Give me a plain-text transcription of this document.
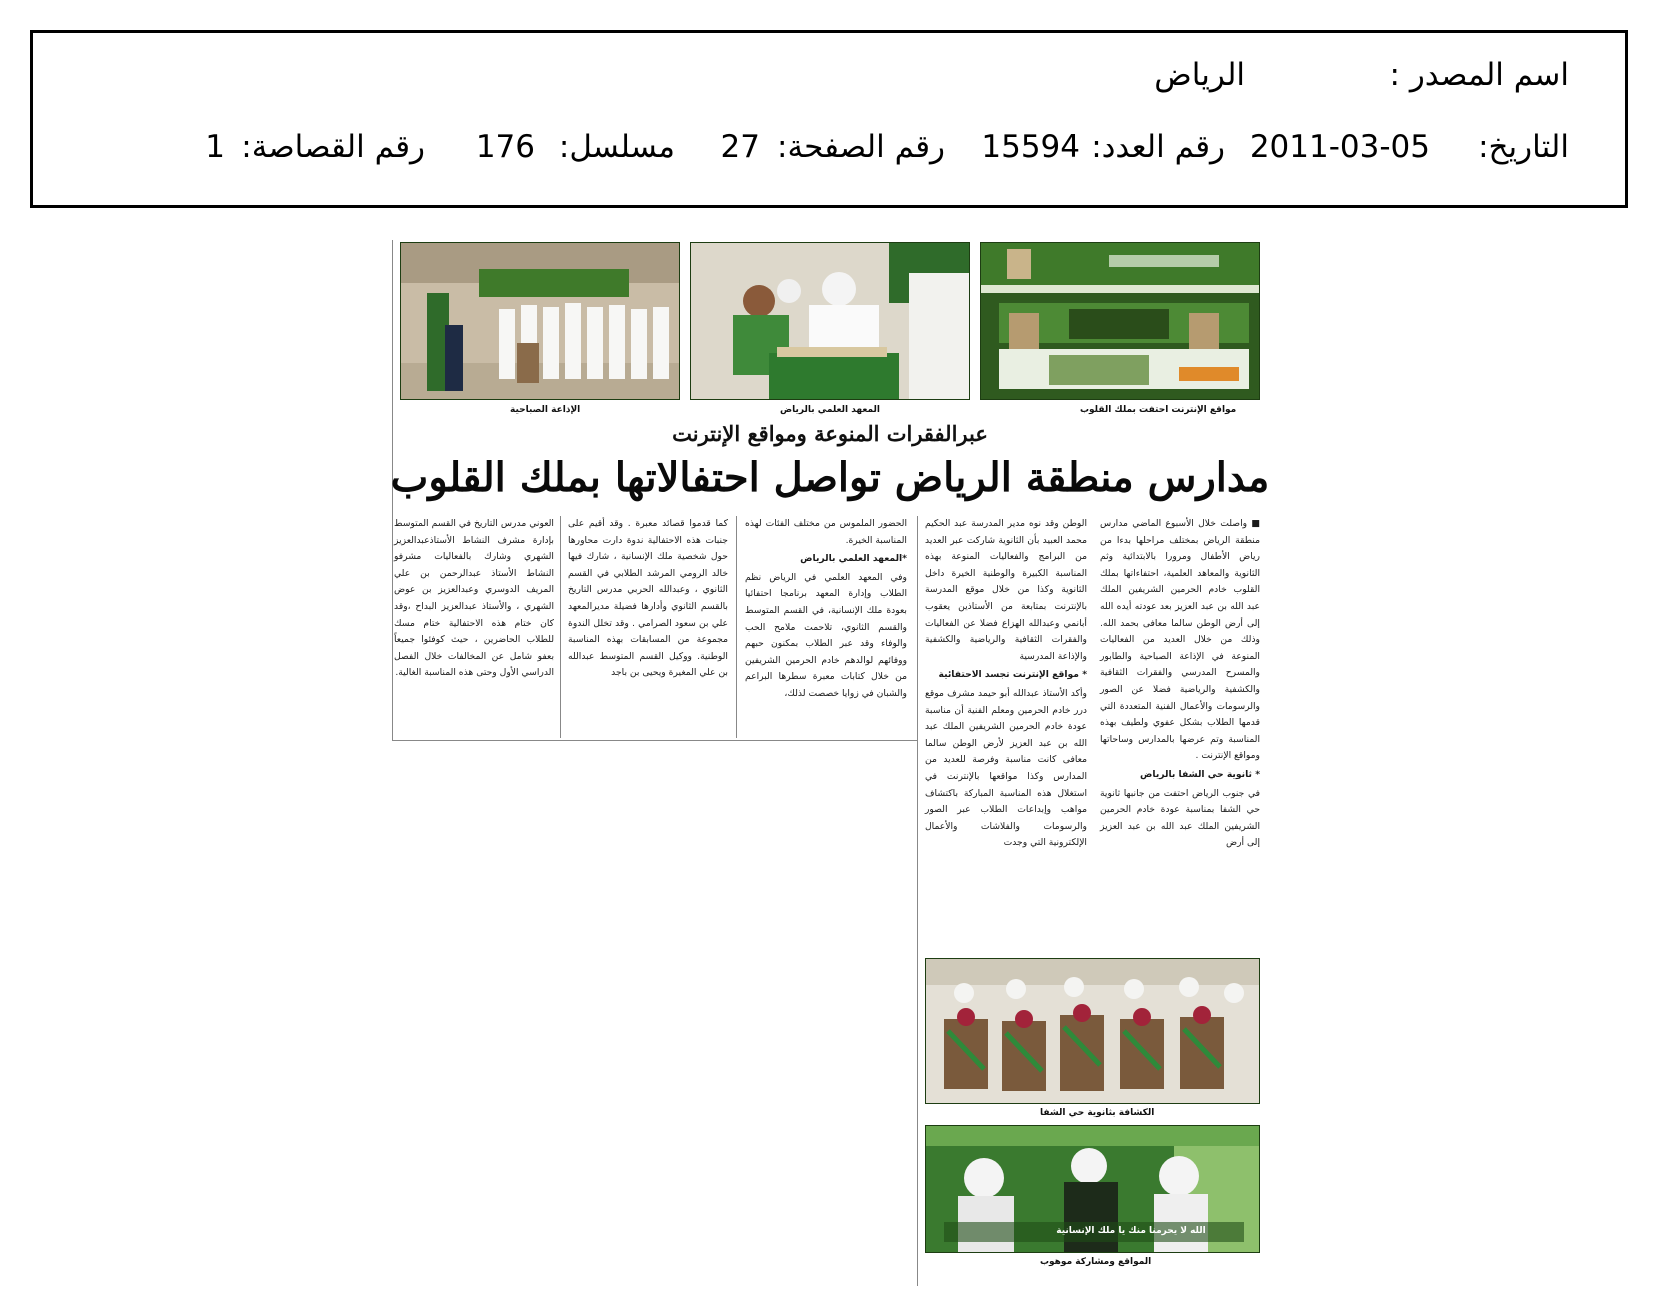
اسم المصدر :
الرياض
التاريخ:
2011-03-05
رقم العدد:
15594
رقم الصفحة:
27
مسلسل:
176
رقم القصاصة:
1
مواقع الإنترنت احتفت بملك القلوب
المعهد العلمي بالرياض
الإذاعة الصباحية
عبرالفقرات المنوعة ومواقع الإنترنت
مدارس منطقة الرياض تواصل احتفالاتها بملك القلوب

■ واصلت خلال الأسبوع الماضي مدارس منطقة الرياض بمختلف مراحلها بدءا من رياض الأطفال ومرورا بالابتدائية وثم الثانوية والمعاهد العلمية، احتفاءاتها بملك القلوب خادم الحرمين الشريفين الملك عبد الله بن عبد العزيز بعد عودته أيده الله إلى أرض الوطن سالما معافى بحمد الله. وذلك من خلال العديد من الفعاليات المنوعة في الإذاعة الصباحية والطابور والمسرح المدرسي والفقرات الثقافية والكشفية والرياضية فضلا عن الصور والرسومات والأعمال الفنية المتعددة التي قدمها الطلاب بشكل عفوي ولطيف بهذه المناسبة وتم عرضها بالمدارس وساحاتها ومواقع الإنترنت .

* ثانوية حي الشفا بالرياض

في جنوب الرياض احتفت من جانبها ثانوية حي الشفا بمناسبة عودة خادم الحرمين الشريفين الملك عبد الله بن عبد العزيز إلى أرض

الوطن وقد نوه مدير المدرسة عبد الحكيم محمد العبيد بأن الثانوية شاركت عبر العديد من البرامج والفعاليات المنوعة بهذه المناسبة الكبيرة والوطنية الخيرة داخل الثانوية وكذا من خلال موقع المدرسة بالإنترنت بمتابعة من الأستاذين يعقوب أبانمي وعبدالله الهزاع فضلا عن الفعاليات والفقرات الثقافية والرياضية والكشفية والإذاعة المدرسية

* مواقع الإنترنت تجسد الاحتفائية

وأكد الأستاذ عبدالله أبو حيمد مشرف موقع درر خادم الحرمين ومعلم الفنية أن مناسبة عودة خادم الحرمين الشريفين الملك عبد الله بن عبد العزيز لأرض الوطن سالما معافى كانت مناسبة وفرصة للعديد من المدارس وكذا مواقعها بالإنترنت في استغلال هذه المناسبة المباركة باكتشاف مواهب وإبداعات الطلاب عبر الصور والرسومات والفلاشات والأعمال الإلكترونية التي وجدت

الحضور الملموس من مختلف الفئات لهذه المناسبة الخيرة.

*المعهد العلمي بالرياض

وفي المعهد العلمي في الرياض نظم الطلاب وإدارة المعهد برنامجا احتفائيا بعودة ملك الإنسانية، في القسم المتوسط والقسم الثانوي، تلاحمت ملامح الحب والوفاء وقد عبر الطلاب بمكنون حبهم ووفائهم لوالدهم خادم الحرمين الشريفين من خلال كتابات معبرة سطرها البراعم والشبان في زوايا خصصت لذلك،

كما قدموا قصائد معبرة . وقد أقيم على جنبات هذه الاحتفالية ندوة دارت محاورها حول شخصية ملك الإنسانية ، شارك فيها خالد الرومي المرشد الطلابي في القسم الثانوي ، وعبدالله الحربي مدرس التاريخ بالقسم الثانوي وأدارها فضيلة مديرالمعهد علي بن سعود الصرامي . وقد تخلل الندوة مجموعة من المسابقات بهذه المناسبة الوطنية. ووكيل القسم المتوسط عبدالله بن علي المغيرة ويحيى بن باجد

العوني مدرس التاريخ في القسم المتوسط بإدارة مشرف النشاط الأستاذعبدالعزيز الشهري وشارك بالفعاليات مشرفو النشاط الأستاذ عبدالرحمن بن علي المريف الدوسري وعبدالعزيز بن عوض الشهري ، والأستاذ عبدالعزيز البداح ،وقد كان ختام هذه الاحتفالية ختام مسك للطلاب الحاضرين ، حيث كوفئوا جميعاً بعفو شامل عن المخالفات خلال الفصل الدراسي الأول وحتى هذه المناسبة الغالية.

الكشافة بثانوية حي الشفا
الله لا يحرمنا منك يا ملك الإنسانية
المواقع ومشاركة موهوب
